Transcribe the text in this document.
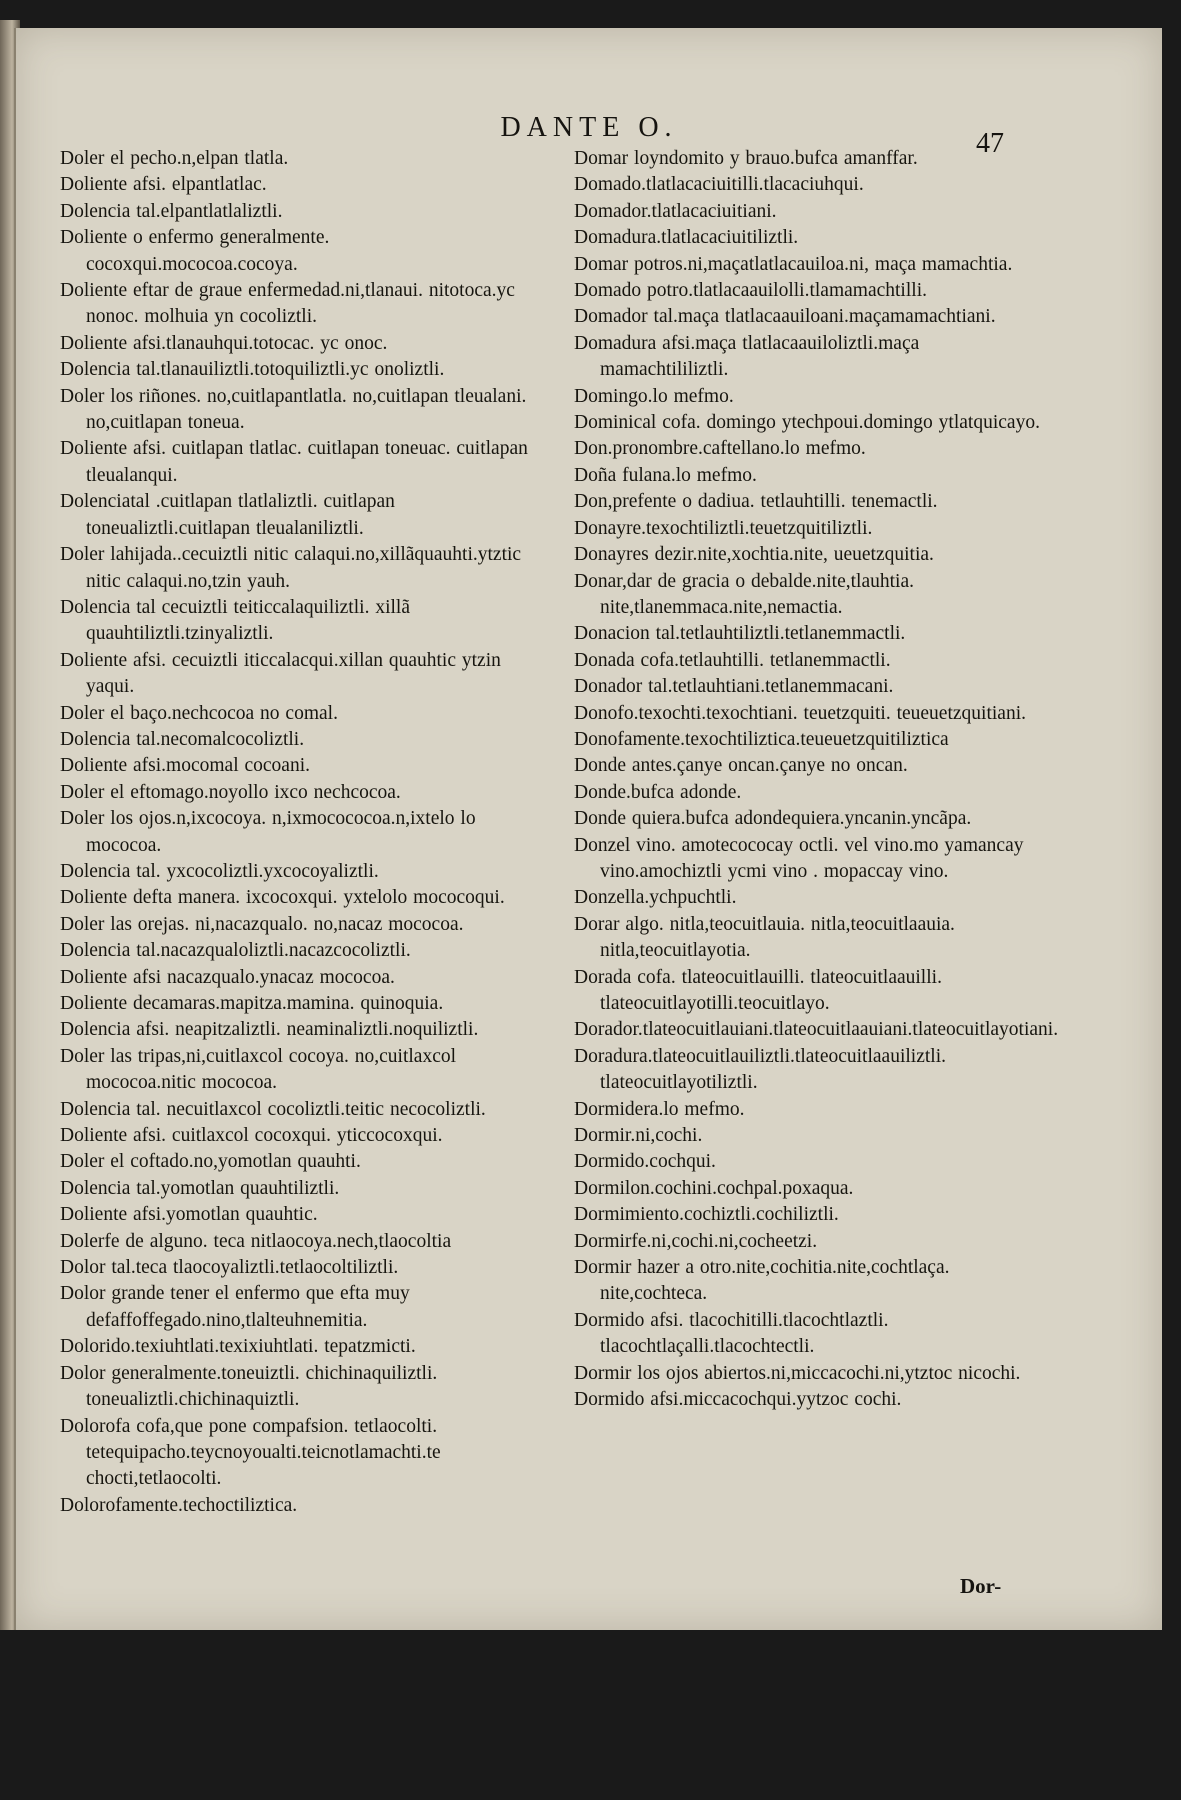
DANTE O.
47
Doler el pecho.n,elpan tlatla.
Doliente afsi. elpantlatlac.
Dolencia tal.elpantlatlaliztli.
Doliente o enfermo generalmente. cocoxqui.mococoa.cocoya.
Doliente eftar de graue enfermedad.ni,tlanaui. nitotoca.yc nonoc. molhuia yn cocoliztli.
Doliente afsi.tlanauhqui.totocac. yc onoc.
Dolencia tal.tlanauiliztli.totoquiliztli.yc onoliztli.
Doler los riñones. no,cuitlapantlatla. no,cuitlapan tleualani. no,cuitlapan toneua.
Doliente afsi. cuitlapan tlatlac. cuitlapan toneuac. cuitlapan tleualanqui.
Dolenciatal .cuitlapan tlatlaliztli. cuitlapan toneualiztli.cuitlapan tleualaniliztli.
Doler lahijada..cecuiztli nitic calaqui.no,xillãquauhti.ytztic nitic calaqui.no,tzin yauh.
Dolencia tal cecuiztli teiticcalaquiliztli. xillã quauhtiliztli.tzinyaliztli.
Doliente afsi. cecuiztli iticcalacqui.xillan quauhtic ytzin yaqui.
Doler el baço.nechcocoa no comal.
Dolencia tal.necomalcocoliztli.
Doliente afsi.mocomal cocoani.
Doler el eftomago.noyollo ixco nechcocoa.
Doler los ojos.n,ixcocoya. n,ixmocococoa.n,ixtelo lo mococoa.
Dolencia tal. yxcocoliztli.yxcocoyaliztli.
Doliente defta manera. ixcocoxqui. yxtelolo mococoqui.
Doler las orejas. ni,nacazqualo. no,nacaz mococoa.
Dolencia tal.nacazqualoliztli.nacazcocoliztli.
Doliente afsi nacazqualo.ynacaz mococoa.
Doliente decamaras.mapitza.mamina. quinoquia.
Dolencia afsi. neapitzaliztli. neaminaliztli.noquiliztli.
Doler las tripas,ni,cuitlaxcol cocoya. no,cuitlaxcol mococoa.nitic mococoa.
Dolencia tal. necuitlaxcol cocoliztli.teitic necocoliztli.
Doliente afsi. cuitlaxcol cocoxqui. yticcocoxqui.
Doler el coftado.no,yomotlan quauhti.
Dolencia tal.yomotlan quauhtiliztli.
Doliente afsi.yomotlan quauhtic.
Dolerfe de alguno. teca nitlaocoya.nech,tlaocoltia
Dolor tal.teca tlaocoyaliztli.tetlaocoltiliztli.
Dolor grande tener el enfermo que efta muy defaffoffegado.nino,tlalteuhnemitia.
Dolorido.texiuhtlati.texixiuhtlati. tepatzmicti.
Dolor generalmente.toneuiztli. chichinaquiliztli. toneualiztli.chichinaquiztli.
Dolorofa cofa,que pone compafsion. tetlaocolti. tetequipacho.teycnoyoualti.teicnotlamachti.te chocti,tetlaocolti.
Dolorofamente.techoctiliztica.
Domar loyndomito y brauo.bufca amanffar.
Domado.tlatlacaciuitilli.tlacaciuhqui.
Domador.tlatlacaciuitiani.
Domadura.tlatlacaciuitiliztli.
Domar potros.ni,maçatlatlacauiloa.ni, maça mamachtia.
Domado potro.tlatlacaauilolli.tlamamachtilli.
Domador tal.maça tlatlacaauiloani.maçamamachtiani.
Domadura afsi.maça tlatlacaauiloliztli.maça mamachtililiztli.
Domingo.lo mefmo.
Dominical cofa. domingo ytechpoui.domingo ytlatquicayo.
Don.pronombre.caftellano.lo mefmo.
Doña fulana.lo mefmo.
Don,prefente o dadiua. tetlauhtilli. tenemactli.
Donayre.texochtiliztli.teuetzquitiliztli.
Donayres dezir.nite,xochtia.nite, ueuetzquitia.
Donar,dar de gracia o debalde.nite,tlauhtia. nite,tlanemmaca.nite,nemactia.
Donacion tal.tetlauhtiliztli.tetlanemmactli.
Donada cofa.tetlauhtilli. tetlanemmactli.
Donador tal.tetlauhtiani.tetlanemmacani.
Donofo.texochti.texochtiani. teuetzquiti. teueuetzquitiani.
Donofamente.texochtiliztica.teueuetzquitiliztica
Donde antes.çanye oncan.çanye no oncan.
Donde.bufca adonde.
Donde quiera.bufca adondequiera.yncanin.yncãpa.
Donzel vino. amotecococay octli. vel vino.mo yamancay vino.amochiztli ycmi vino . mopaccay vino.
Donzella.ychpuchtli.
Dorar algo. nitla,teocuitlauia. nitla,teocuitlaauia. nitla,teocuitlayotia.
Dorada cofa. tlateocuitlauilli. tlateocuitlaauilli. tlateocuitlayotilli.teocuitlayo.
Dorador.tlateocuitlauiani.tlateocuitlaauiani.tlateocuitlayotiani.
Doradura.tlateocuitlauiliztli.tlateocuitlaauiliztli. tlateocuitlayotiliztli.
Dormidera.lo mefmo.
Dormir.ni,cochi.
Dormido.cochqui.
Dormilon.cochini.cochpal.poxaqua.
Dormimiento.cochiztli.cochiliztli.
Dormirfe.ni,cochi.ni,cocheetzi.
Dormir hazer a otro.nite,cochitia.nite,cochtlaça. nite,cochteca.
Dormido afsi. tlacochitilli.tlacochtlaztli. tlacochtlaçalli.tlacochtectli.
Dormir los ojos abiertos.ni,miccacochi.ni,ytztoc nicochi.
Dormido afsi.miccacochqui.yytzoc cochi.
Dor-
